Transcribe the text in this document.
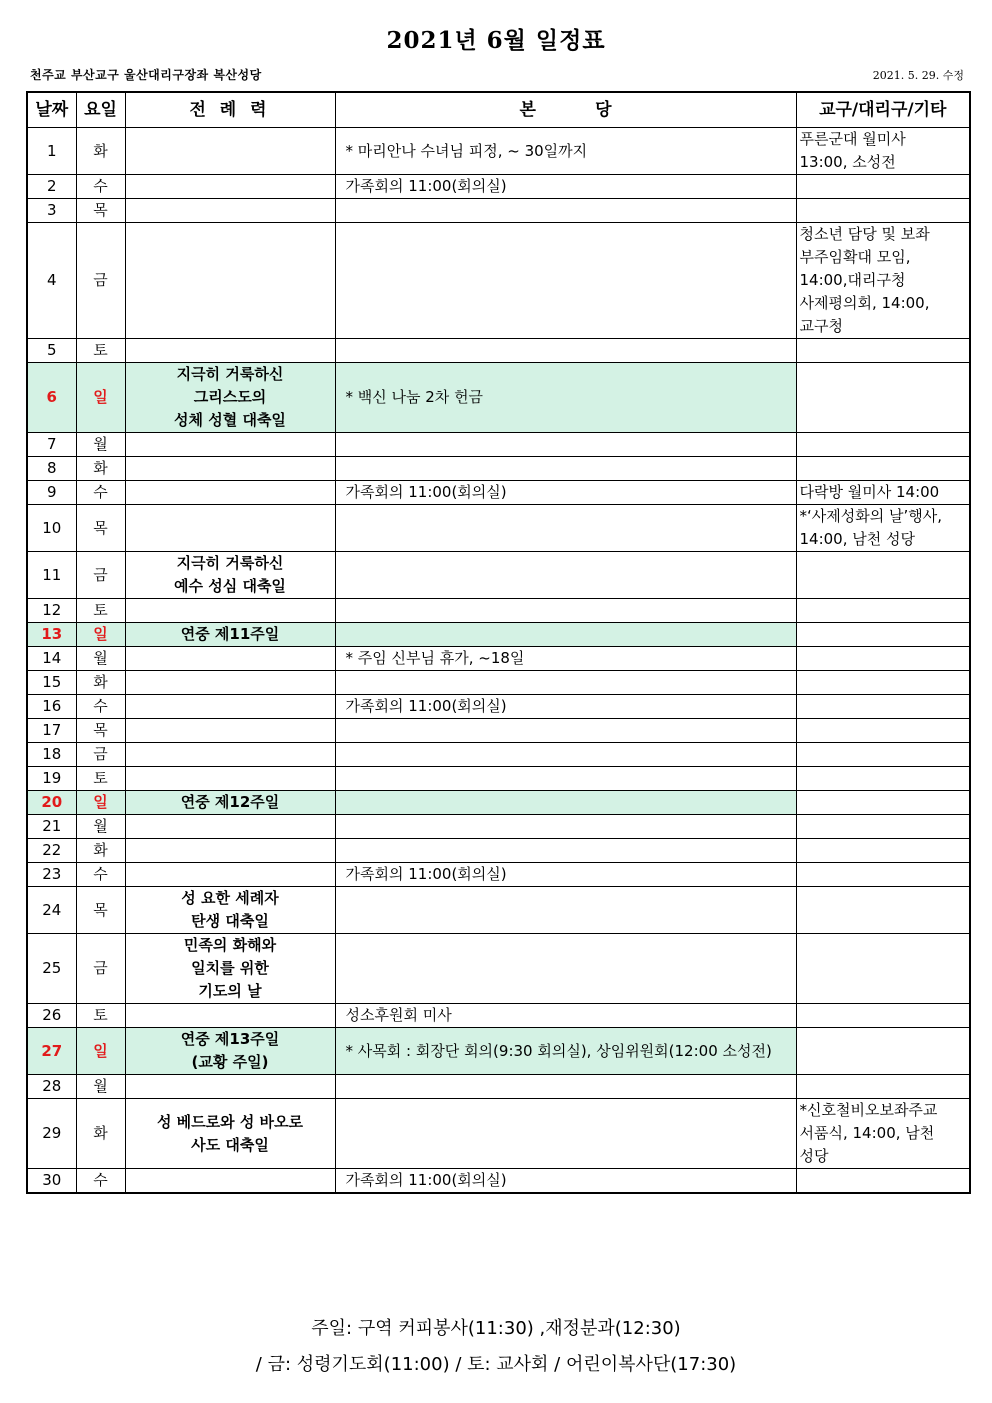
2021년 6월 일정표
천주교 부산교구 울산대리구장좌 복산성당	2021. 5. 29. 수정
날짜	요일	전 례 력	본          당	교구/대리구/기타
1	화		* 마리안나 수녀님 피정, ~ 30일까지	푸른군대 월미사
13:00, 소성전
2	수		가족회의 11:00(회의실)	
3	목			
4	금			청소년 담당 및 보좌
부주임확대 모임,
14:00,대리구청
사제평의회, 14:00,
교구청
5	토			
6	일	지극히 거룩하신
그리스도의
성체 성혈 대축일	* 백신 나눔 2차 헌금	
7	월			
8	화			
9	수		가족회의 11:00(회의실)	다락방 월미사 14:00
10	목			*‘사제성화의 날’행사,
14:00, 남천 성당
11	금	지극히 거룩하신
예수 성심 대축일		
12	토			
13	일	연중 제11주일		
14	월		* 주임 신부님 휴가, ~18일	
15	화			
16	수		가족회의 11:00(회의실)	
17	목			
18	금			
19	토			
20	일	연중 제12주일		
21	월			
22	화			
23	수		가족회의 11:00(회의실)	
24	목	성 요한 세례자
탄생 대축일		
25	금	민족의 화해와
일치를 위한
기도의 날		
26	토		성소후원회 미사	
27	일	연중 제13주일
(교황 주일)	* 사목회 : 회장단 회의(9:30 회의실), 상임위원회(12:00 소성전)	
28	월			
29	화	성 베드로와 성 바오로
사도 대축일		*신호철비오보좌주교
서품식, 14:00, 남천
성당
30	수		가족회의 11:00(회의실)	
주일: 구역 커피봉사(11:30) ,재정분과(12:30)
/ 금: 성령기도회(11:00) / 토: 교사회 / 어린이복사단(17:30)
